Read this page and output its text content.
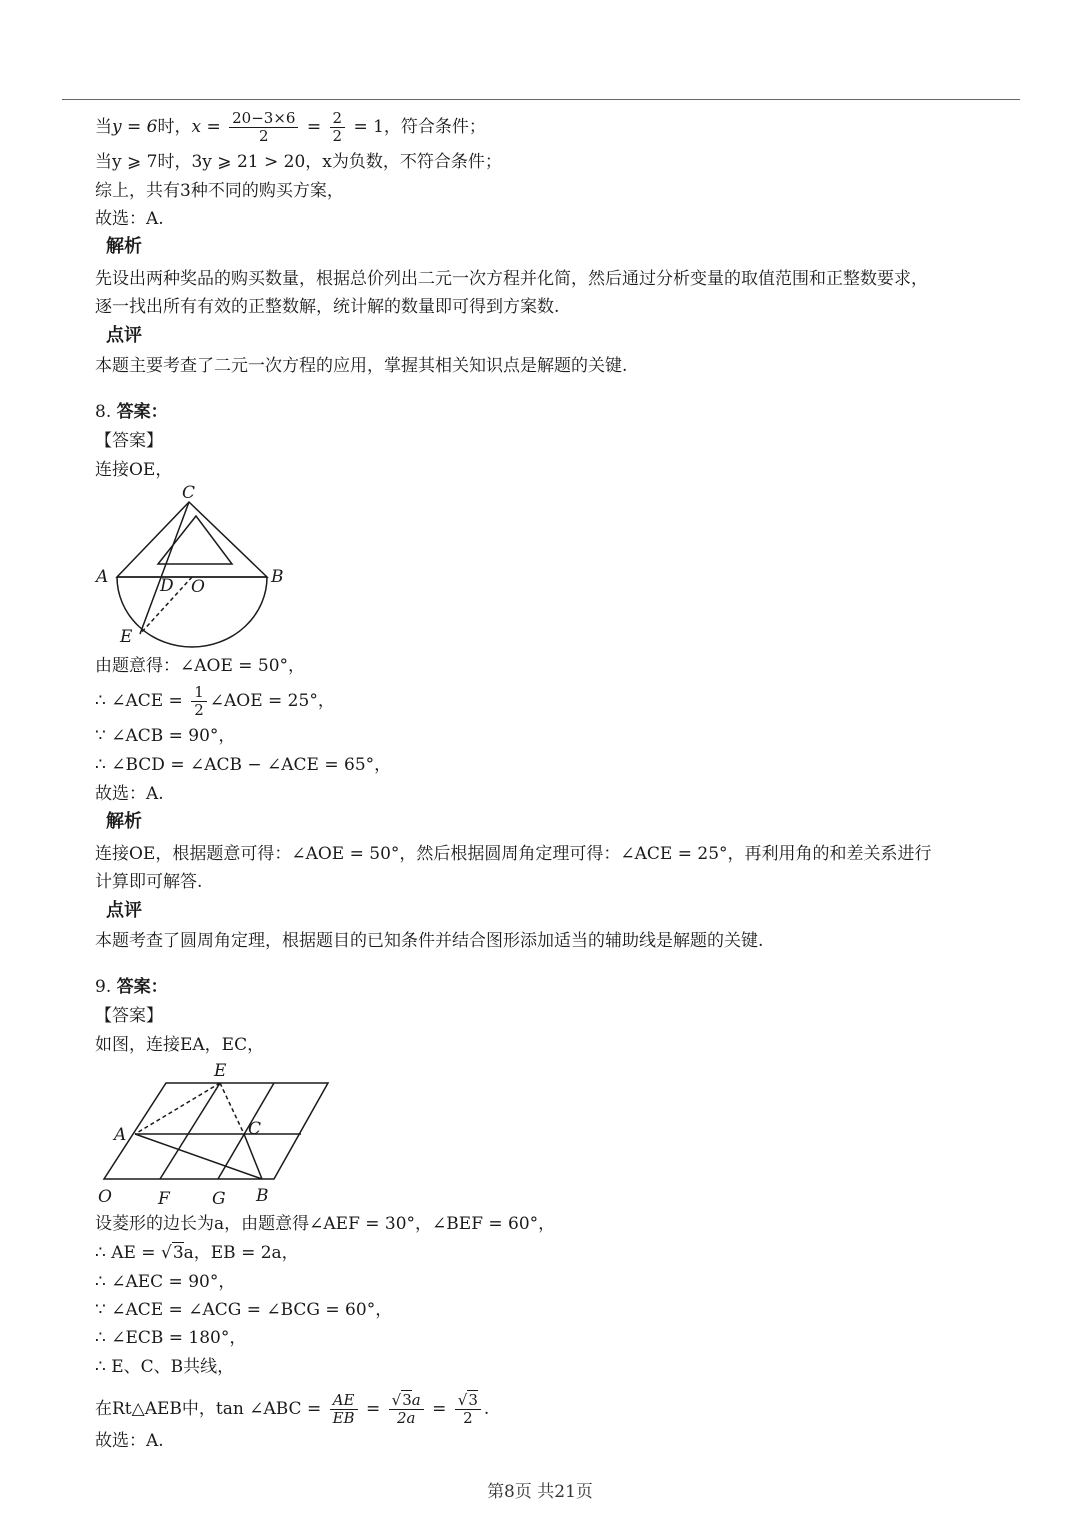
当y = 6时，$x = \frac{20-3\times 6}{2} = \frac{2}{2} = 1$，符合条件；
当y ⩾ 7时，3y ⩾ 21 > 20，x为负数，不符合条件；
综上，共有3种不同的购买方案，
故选：A.
解析
先设出两种奖品的购买数量，根据总价列出二元一次方程并化简，然后通过分析变量的取值范围和正整数要求，
逐一找出所有有效的正整数解，统计解的数量即可得到方案数.
点评
本题主要考查了二元一次方程的应用，掌握其相关知识点是解题的关键.
8. 答案：
【答案】
连接OE，
C
A	B
D O
E
由题意得：∠AOE = 50°，
∴ ∠ACE = $\frac{1}{2}$ ∠AOE = 25°，
∵ ∠ACB = 90°，
∴ ∠BCD = ∠ACB − ∠ACE = 65°，
故选：A.
解析
连接OE，根据题意可得：∠AOE = 50°，然后根据圆周角定理可得：∠ACE = 25°，再利用角的和差关系进行
计算即可解答.
点评
本题考查了圆周角定理，根据题目的已知条件并结合图形添加适当的辅助线是解题的关键.
9. 答案：
【答案】
如图，连接EA，EC，
E
A	C
O	F G B
设菱形的边长为a，由题意得∠AEF = 30°，∠BEF = 60°，
∴ AE = √3a，EB = 2a，
∴ ∠AEC = 90°，
∵ ∠ACE = ∠ACG = ∠BCG = 60°，
∴ ∠ECB = 180°，
∴ E、C、B共线，
在Rt△AEB中，tan ∠ABC = $\frac{AE}{EB} = \frac{√3a}{2a} = \frac{√3}{2}$ .
故选：A.
第8页 共21页
